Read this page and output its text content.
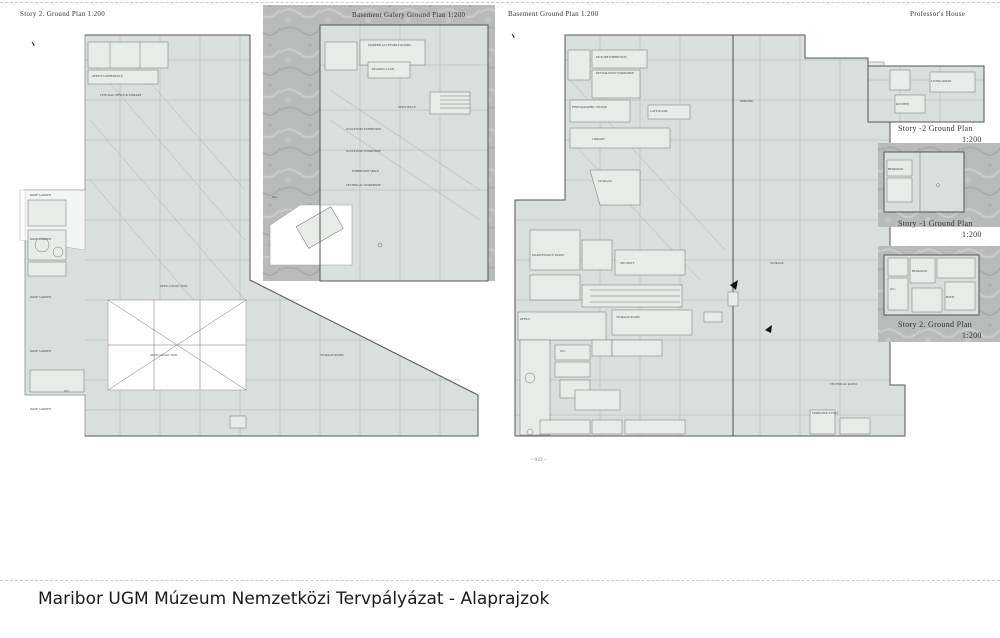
CENTRAL OFFICE & LIBRARY
OFFICE/CONFERENCE
ROOF GARDEN
ROOF GARDEN
ROOF GARDEN
ROOF GARDEN
ROOF GARDEN
OPEN COLLECTION
OPEN COLLECTION	STORAGE ROOM
W.C.
MODERN ACCESSIBLE ROOMS
READING CLUB
OPEN SPACE
SCULPTURE EXHIBITION
SCULPTURE WORKSHOP
EXHIBITION SPACE
TECHNICAL WORKSHOP
W.C.
PICTURE EXHIBITION
RESTORATION WORKSHOP
PHOTOGRAPHIC STUDIO
CAFE ROOM
PARKING
LIBRARY
STORAGE
MAINTENANCE ROOM
SECURITY
OFFICE	STORAGE ROOM
W.C.
TECHNICAL ROOM
EMERGENCY EXIT
STORAGE
LIVING ROOM
KITCHEN
BEDROOM
BEDROOM
BATH
W.C.
Story 2. Ground Plan 1:200	Basement Galery Ground Plan 1:200	Basement Ground Plan 1:200	Professor's House
Story -2 Ground Plan
1:200
Story -1 Ground Plan
1:200
Story 2. Ground Plan
1:200
- 022 -
Maribor UGM Múzeum Nemzetközi Tervpályázat - Alaprajzok
